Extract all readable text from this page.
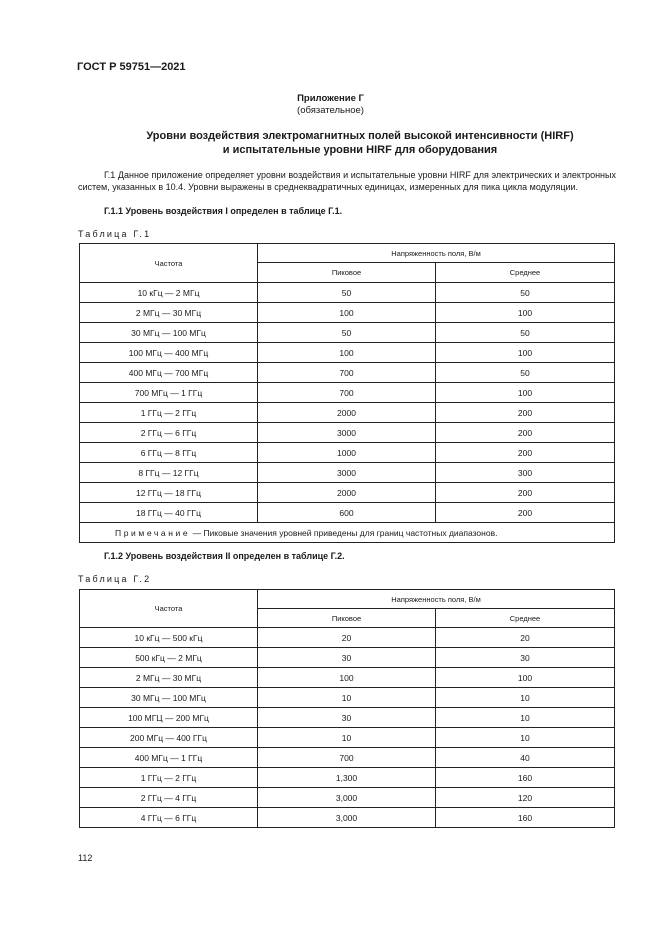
ГОСТ Р 59751—2021
Приложение Г
(обязательное)
Уровни воздействия электромагнитных полей высокой интенсивности (HIRF)
и испытательные уровни HIRF для оборудования
Г.1 Данное приложение определяет уровни воздействия и испытательные уровни HIRF для электрических и электронных систем, указанных в 10.4. Уровни выражены в среднеквадратичных единицах, измеренных для пика цикла модуляции.
Г.1.1 Уровень воздействия I определен в таблице Г.1.
Таблица Г.1
Частота	Напряженность поля, В/м	
	Пиковое	Среднее
10 кГц — 2 МГц	50	50
2 МГц — 30 МГц	100	100
30 МГц — 100 МГц	50	50
100 МГц — 400 МГц	100	100
400 МГц — 700 МГц	700	50
700 МГц — 1 ГГц	700	100
1 ГГц — 2 ГГц	2000	200
2 ГГц — 6 ГГц	3000	200
6 ГГц — 8 ГГц	1000	200
8 ГГц — 12 ГГц	3000	300
12 ГГц — 18 ГГц	2000	200
18 ГГц — 40 ГГц	600	200
Примечание — Пиковые значения уровней приведены для границ частотных диапазонов.		
Г.1.2 Уровень воздействия II определен в таблице Г.2.
Таблица Г.2
Частота	Напряженность поля, В/м	
	Пиковое	Среднее
10 кГц — 500 кГц	20	20
500 кГц — 2 МГц	30	30
2 МГц — 30 МГц	100	100
30 МГц — 100 МГц	10	10
100 МГЦ — 200 МГц	30	10
200 МГц — 400 ГГц	10	10
400 МГц — 1 ГГц	700	40
1 ГГц — 2 ГГц	1,300	160
2 ГГц — 4 ГГц	3,000	120
4 ГГц — 6 ГГц	3,000	160
112
